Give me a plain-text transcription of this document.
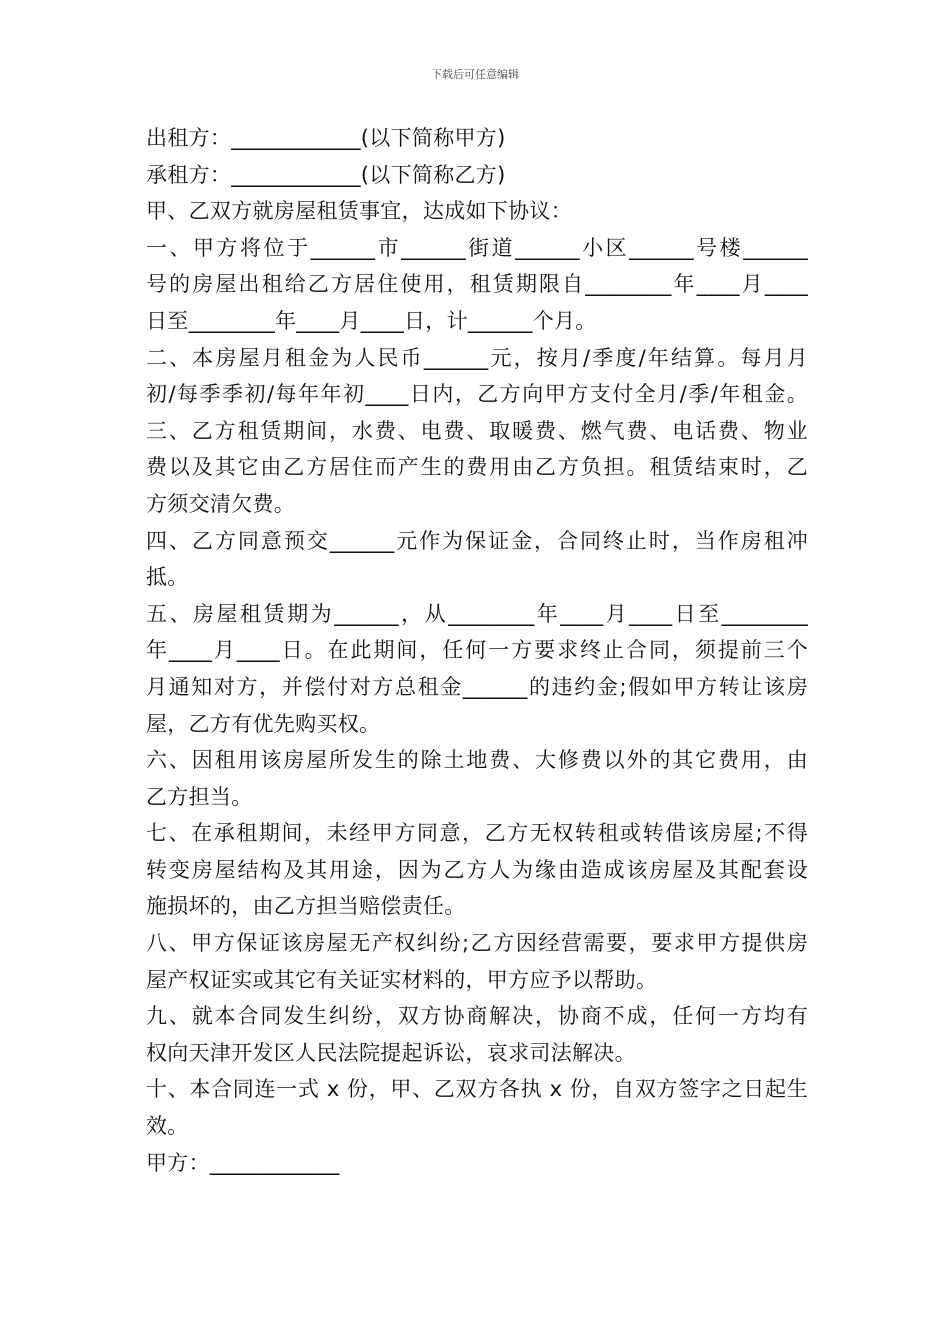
下载后可任意编辑
出租方：____________(以下简称甲方)
承租方：____________(以下简称乙方)
甲、乙双方就房屋租赁事宜，达成如下协议：
一、甲方将位于______市______街道______小区______号楼______
号的房屋出租给乙方居住使用，租赁期限自________年____月____
日至________年____月____日，计______个月。
二、本房屋月租金为人民币______元，按月/季度/年结算。每月月
初/每季季初/每年年初____日内，乙方向甲方支付全月/季/年租金。
三、乙方租赁期间，水费、电费、取暖费、燃气费、电话费、物业
费以及其它由乙方居住而产生的费用由乙方负担。租赁结束时，乙
方须交清欠费。
四、乙方同意预交______元作为保证金，合同终止时，当作房租冲
抵。
五、房屋租赁期为______，从________年____月____日至________
年____月____日。在此期间，任何一方要求终止合同，须提前三个
月通知对方，并偿付对方总租金______的违约金;假如甲方转让该房
屋，乙方有优先购买权。
六、因租用该房屋所发生的除土地费、大修费以外的其它费用，由
乙方担当。
七、在承租期间，未经甲方同意，乙方无权转租或转借该房屋;不得
转变房屋结构及其用途，因为乙方人为缘由造成该房屋及其配套设
施损坏的，由乙方担当赔偿责任。
八、甲方保证该房屋无产权纠纷;乙方因经营需要，要求甲方提供房
屋产权证实或其它有关证实材料的，甲方应予以帮助。
九、就本合同发生纠纷，双方协商解决，协商不成，任何一方均有
权向天津开发区人民法院提起诉讼，哀求司法解决。
十、本合同连一式 x 份，甲、乙双方各执 x 份，自双方签字之日起生
效。
甲方：____________
